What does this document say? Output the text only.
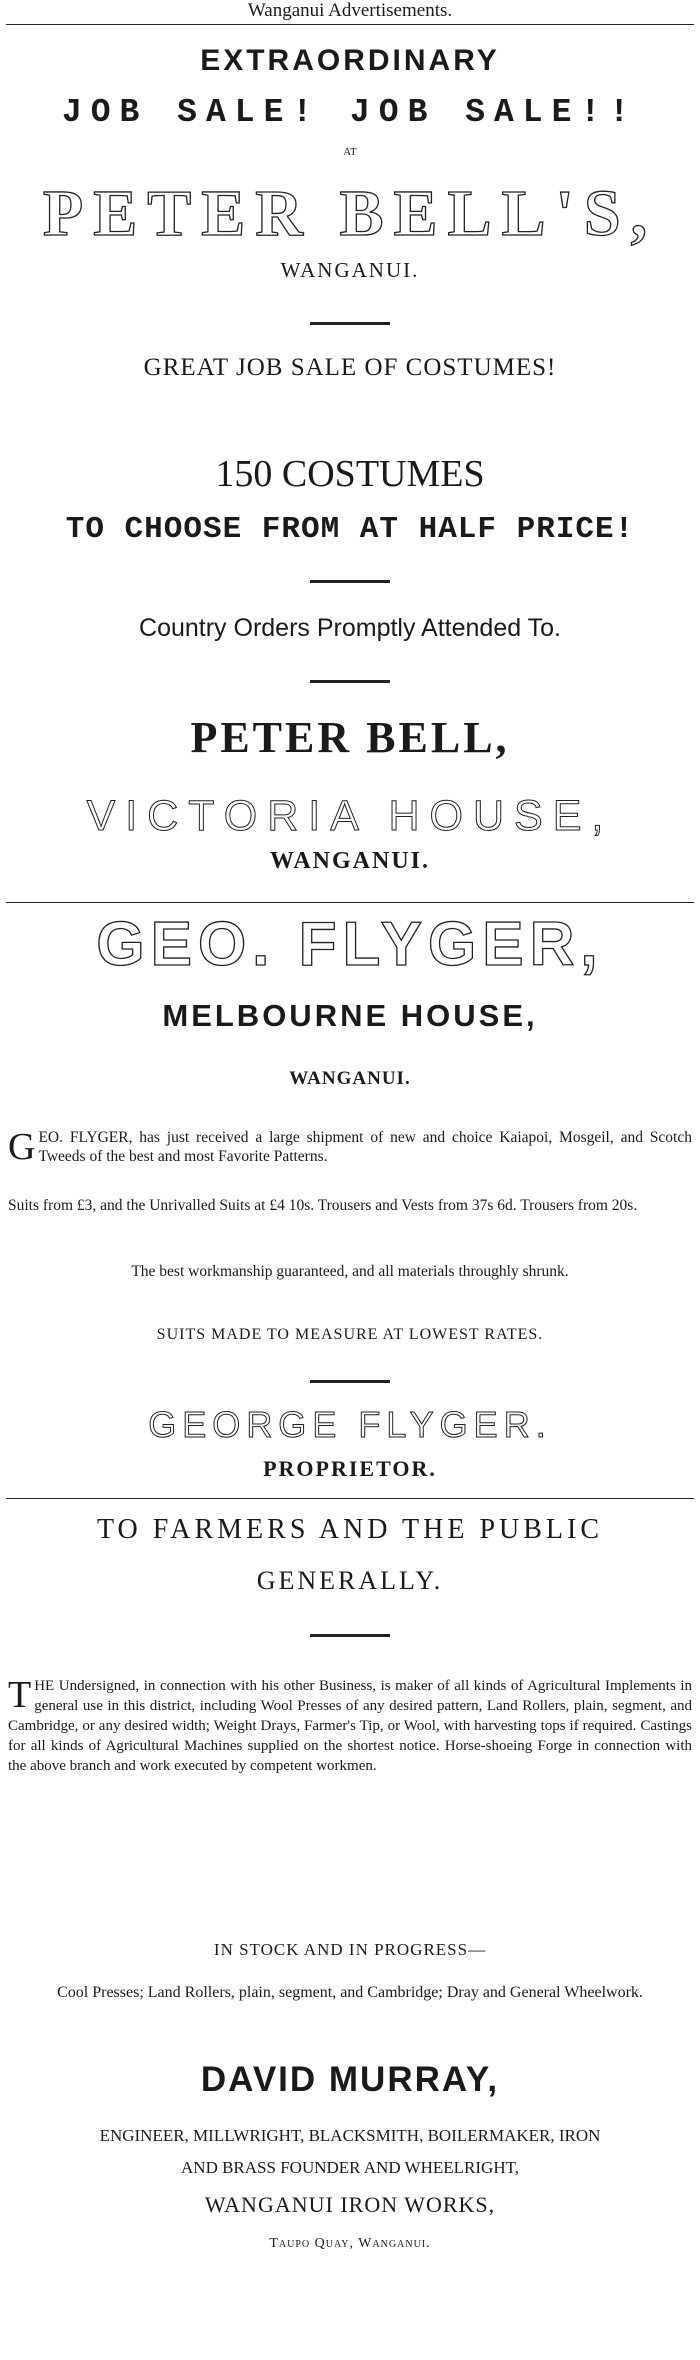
Wanganui Advertisements.
EXTRAORDINARY
JOB SALE! JOB SALE!!
AT
PETER BELL'S,
WANGANUI.
GREAT JOB SALE OF COSTUMES!
150 COSTUMES
TO CHOOSE FROM AT HALF PRICE!
Country Orders Promptly Attended To.
PETER BELL,
VICTORIA HOUSE,
WANGANUI.
GEO. FLYGER,
MELBOURNE HOUSE,
WANGANUI.
G EO. FLYGER, has just received a large shipment of new and choice Kaiapoi, Mosgeil, and Scotch Tweeds of the best and most Favorite Patterns.
Suits from £3, and the Unrivalled Suits at £4 10s. Trousers and Vests from 37s 6d. Trousers from 20s.
The best workmanship guaranteed, and all materials throughly shrunk.
SUITS MADE TO MEASURE AT LOWEST RATES.
GEORGE FLYGER.
PROPRIETOR.
TO FARMERS AND THE PUBLIC
GENERALLY.
T HE Undersigned, in connection with his other Business, is maker of all kinds of Agricultural Implements in general use in this district, including Wool Presses of any desired pattern, Land Rollers, plain, segment, and Cambridge, or any desired width; Weight Drays, Farmer's Tip, or Wool, with harvesting tops if required. Castings for all kinds of Agricultural Machines supplied on the shortest notice. Horse-shoeing Forge in connection with the above branch and work executed by competent workmen.
IN STOCK AND IN PROGRESS—
Cool Presses; Land Rollers, plain, segment, and Cambridge; Dray and General Wheelwork.
DAVID MURRAY,
ENGINEER, MILLWRIGHT, BLACKSMITH, BOILERMAKER, IRON
AND BRASS FOUNDER AND WHEELRIGHT,
WANGANUI IRON WORKS,
Taupo Quay, Wanganui.
